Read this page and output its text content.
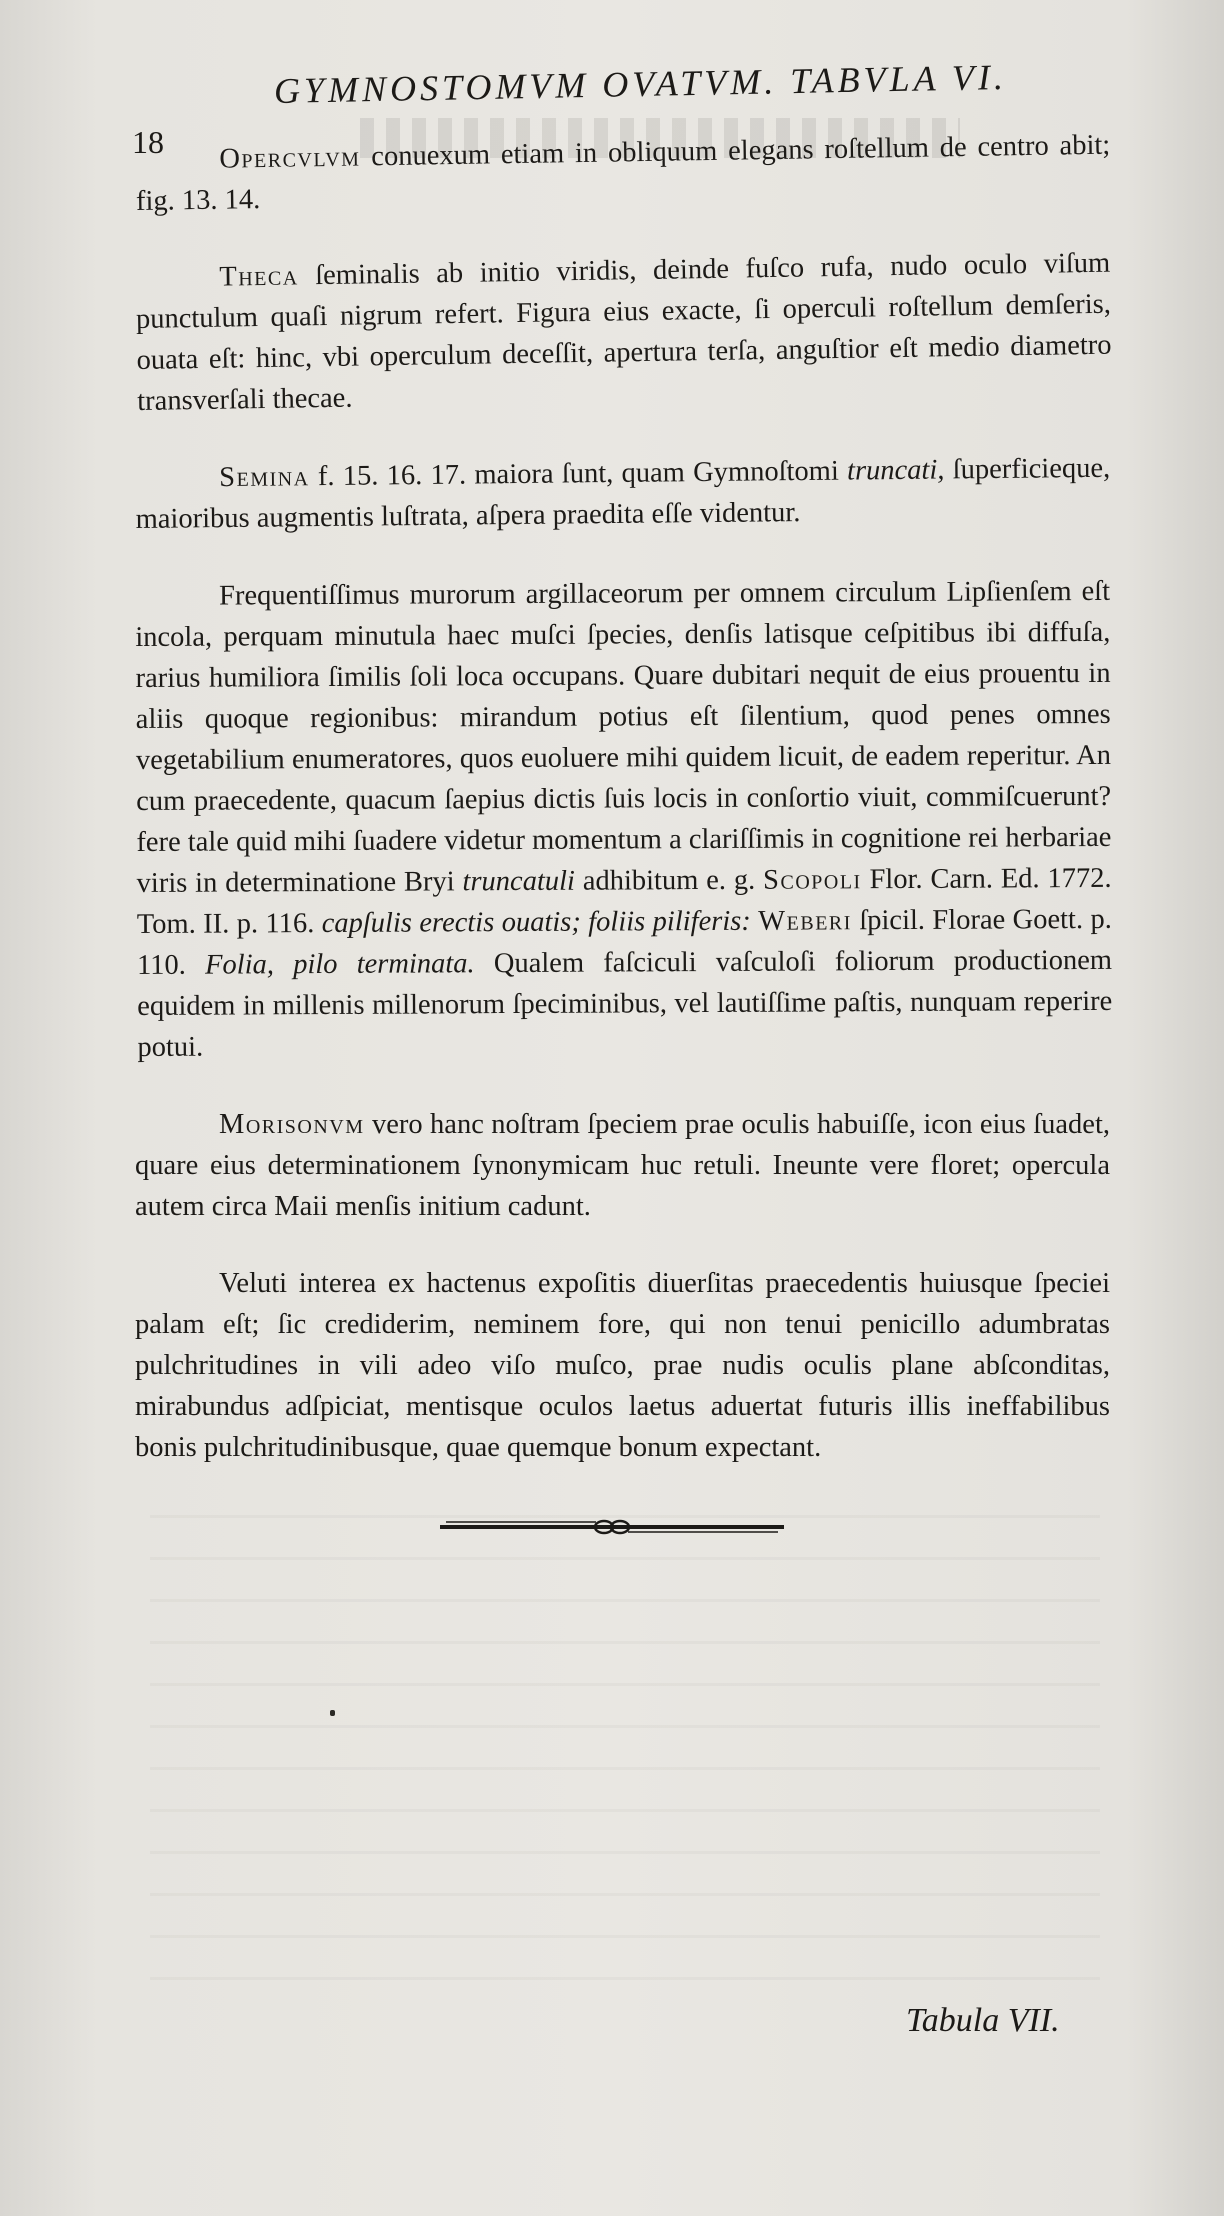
18
GYMNOSTOMVM OVATVM. TABVLA VI.

Opercvlvm conuexum etiam in obliquum elegans roſtellum de centro abit; fig. 13. 14.

Theca ſeminalis ab initio viridis, deinde fuſco rufa, nudo oculo viſum punctulum quaſi nigrum refert. Figura eius exacte, ſi operculi roſtellum demſeris, ouata eſt: hinc, vbi operculum deceſſit, apertura terſa, anguſtior eſt medio diametro transverſali thecae.

Semina f. 15. 16. 17. maiora ſunt, quam Gymnoſtomi truncati, ſuperficieque, maioribus augmentis luſtrata, aſpera praedita eſſe videntur.

Frequentiſſimus murorum argillaceorum per omnem circulum Lipſienſem eſt incola, perquam minutula haec muſci ſpecies, denſis latisque ceſpitibus ibi diffuſa, rarius humiliora ſimilis ſoli loca occupans. Quare dubitari nequit de eius prouentu in aliis quoque regionibus: mirandum potius eſt ſilentium, quod penes omnes vegetabilium enumeratores, quos euoluere mihi quidem licuit, de eadem reperitur. An cum praecedente, quacum ſaepius dictis ſuis locis in conſortio viuit, commiſcuerunt? fere tale quid mihi ſuadere videtur momentum a clariſſimis in cognitione rei herbariae viris in determinatione Bryi truncatuli adhibitum e. g. Scopoli Flor. Carn. Ed. 1772. Tom. II. p. 116. capſulis erectis ouatis; foliis piliferis: Weberi ſpicil. Florae Goett. p. 110. Folia, pilo terminata. Qualem faſciculi vaſculoſi foliorum productionem equidem in millenis millenorum ſpeciminibus, vel lautiſſime paſtis, nunquam reperire potui.

Morisonvm vero hanc noſtram ſpeciem prae oculis habuiſſe, icon eius ſuadet, quare eius determinationem ſynonymicam huc retuli. Ineunte vere floret; opercula autem circa Maii menſis initium cadunt.

Veluti interea ex hactenus expoſitis diuerſitas praecedentis huiusque ſpeciei palam eſt; ſic crediderim, neminem fore, qui non tenui penicillo adumbratas pulchritudines in vili adeo viſo muſco, prae nudis oculis plane abſconditas, mirabundus adſpiciat, mentisque oculos laetus aduertat futuris illis ineffabilibus bonis pulchritudinibusque, quae quemque bonum expectant.

Tabula VII.
